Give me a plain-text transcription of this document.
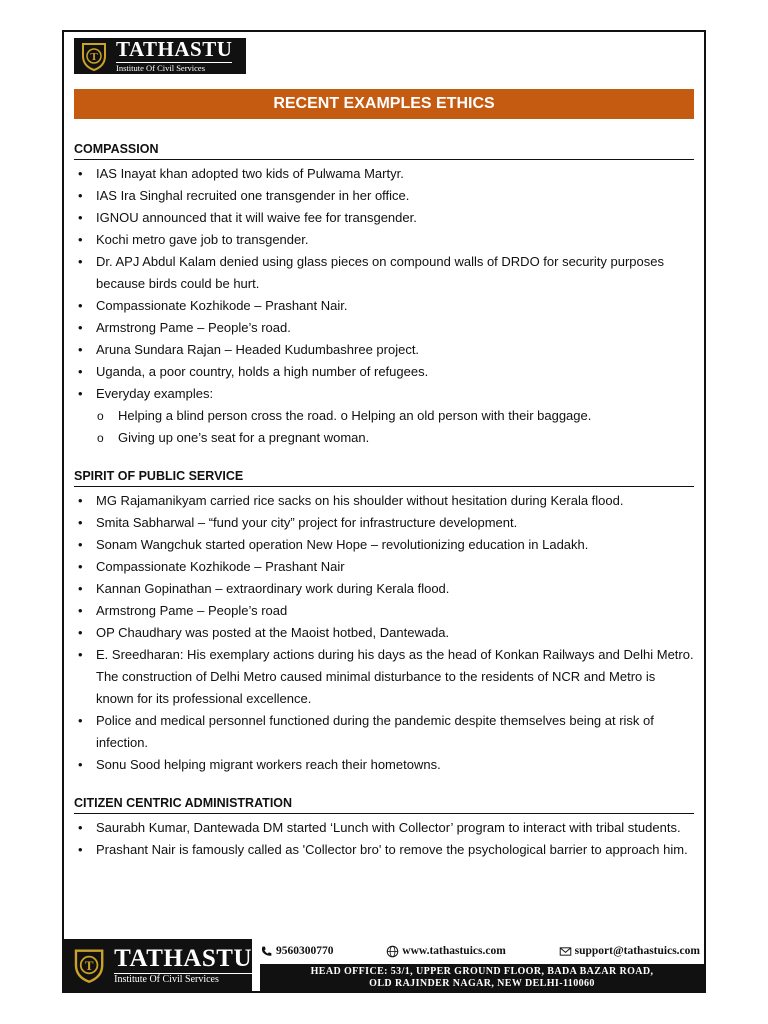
T TATHASTU
Institute Of Civil Services
RECENT EXAMPLES ETHICS
COMPASSION
• IAS Inayat khan adopted two kids of Pulwama Martyr.
• IAS Ira Singhal recruited one transgender in her office.
• IGNOU announced that it will waive fee for transgender.
• Kochi metro gave job to transgender.
• Dr. APJ Abdul Kalam denied using glass pieces on compound walls of DRDO for security purposes because birds could be hurt.
• Compassionate Kozhikode – Prashant Nair.
• Armstrong Pame – People’s road.
• Aruna Sundara Rajan – Headed Kudumbashree project.
• Uganda, a poor country, holds a high number of refugees.
• Everyday examples:
o Helping a blind person cross the road. o Helping an old person with their baggage.
o Giving up one’s seat for a pregnant woman.
SPIRIT OF PUBLIC SERVICE
• MG Rajamanikyam carried rice sacks on his shoulder without hesitation during Kerala flood.
• Smita Sabharwal – “fund your city” project for infrastructure development.
• Sonam Wangchuk started operation New Hope – revolutionizing education in Ladakh.
• Compassionate Kozhikode – Prashant Nair
• Kannan Gopinathan – extraordinary work during Kerala flood.
• Armstrong Pame – People’s road
• OP Chaudhary was posted at the Maoist hotbed, Dantewada.
• E. Sreedharan: His exemplary actions during his days as the head of Konkan Railways and Delhi Metro. The construction of Delhi Metro caused minimal disturbance to the residents of NCR and Metro is known for its professional excellence.
• Police and medical personnel functioned during the pandemic despite themselves being at risk of infection.
• Sonu Sood helping migrant workers reach their hometowns.
CITIZEN CENTRIC ADMINISTRATION
• Saurabh Kumar, Dantewada DM started ‘Lunch with Collector’ program to interact with tribal students.
• Prashant Nair is famously called as 'Collector bro' to remove the psychological barrier to approach him.
T TATHASTU
Institute Of Civil Services
9560300770	www.tathastuics.com	support@tathastuics.com
HEAD OFFICE: 53/1, UPPER GROUND FLOOR, BADA BAZAR ROAD,
OLD RAJINDER NAGAR, NEW DELHI-110060
